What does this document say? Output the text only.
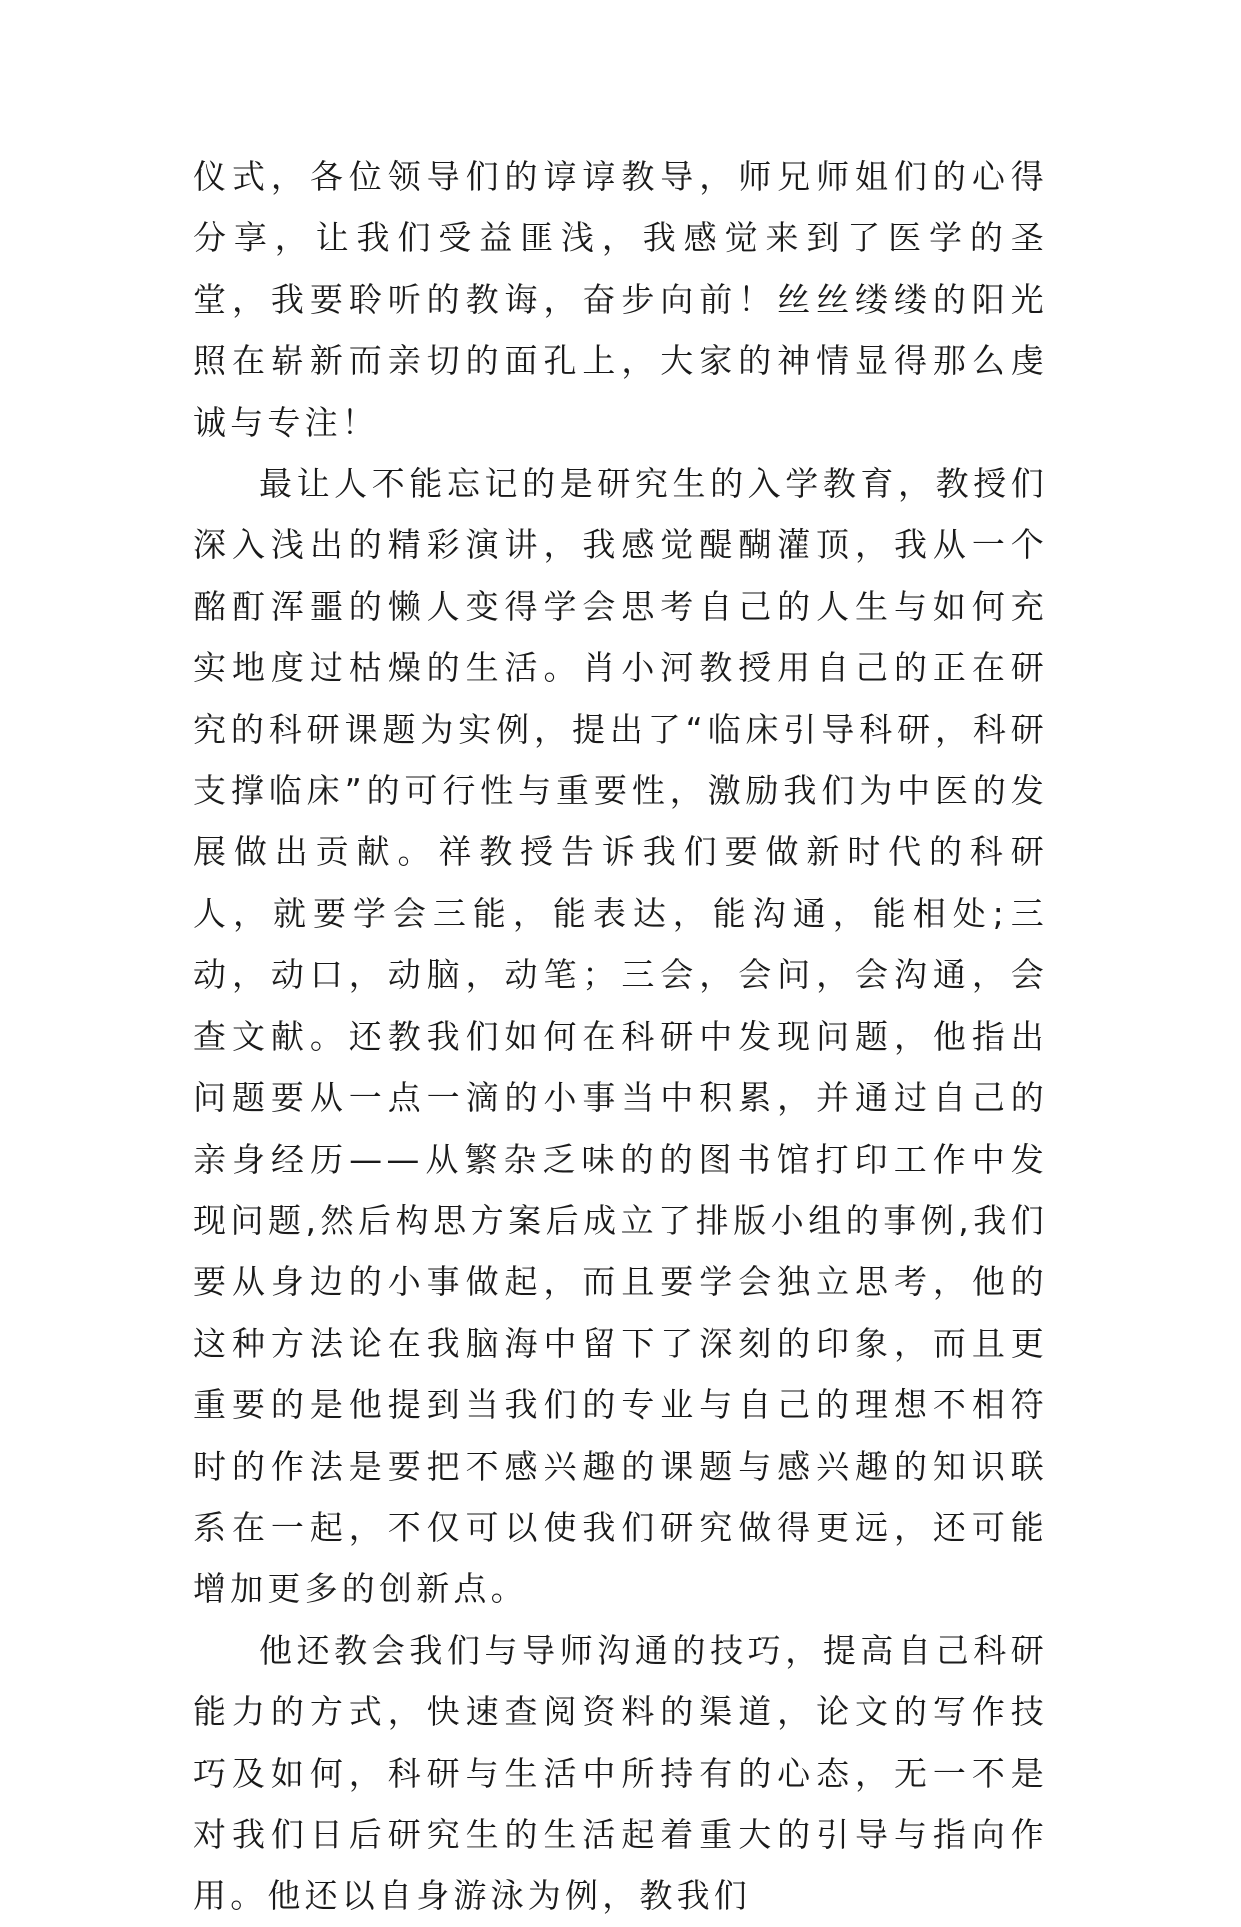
仪式，各位领导们的谆谆教导，师兄师姐们的心得分享，让我们受益匪浅，我感觉来到了医学的圣堂，我要聆听的教诲，奋步向前！丝丝缕缕的阳光照在崭新而亲切的面孔上，大家的神情显得那么虔诚与专注！

最让人不能忘记的是研究生的入学教育，教授们深入浅出的精彩演讲，我感觉醍醐灌顶，我从一个酩酊浑噩的懒人变得学会思考自己的人生与如何充实地度过枯燥的生活。肖小河教授用自己的正在研究的科研课题为实例，提出了“临床引导科研，科研支撑临床”的可行性与重要性，激励我们为中医的发展做出贡献。祥教授告诉我们要做新时代的科研人，就要学会三能，能表达，能沟通，能相处;三动，动口，动脑，动笔；三会，会问，会沟通，会查文献。还教我们如何在科研中发现问题，他指出问题要从一点一滴的小事当中积累，并通过自己的亲身经历——从繁杂乏味的的图书馆打印工作中发现问题,然后构思方案后成立了排版小组的事例,我们要从身边的小事做起，而且要学会独立思考，他的这种方法论在我脑海中留下了深刻的印象，而且更重要的是他提到当我们的专业与自己的理想不相符时的作法是要把不感兴趣的课题与感兴趣的知识联系在一起，不仅可以使我们研究做得更远，还可能增加更多的创新点。

他还教会我们与导师沟通的技巧，提高自己科研能力的方式，快速查阅资料的渠道，论文的写作技巧及如何，科研与生活中所持有的心态，无一不是对我们日后研究生的生活起着重大的引导与指向作用。他还以自身游泳为例，教我们
